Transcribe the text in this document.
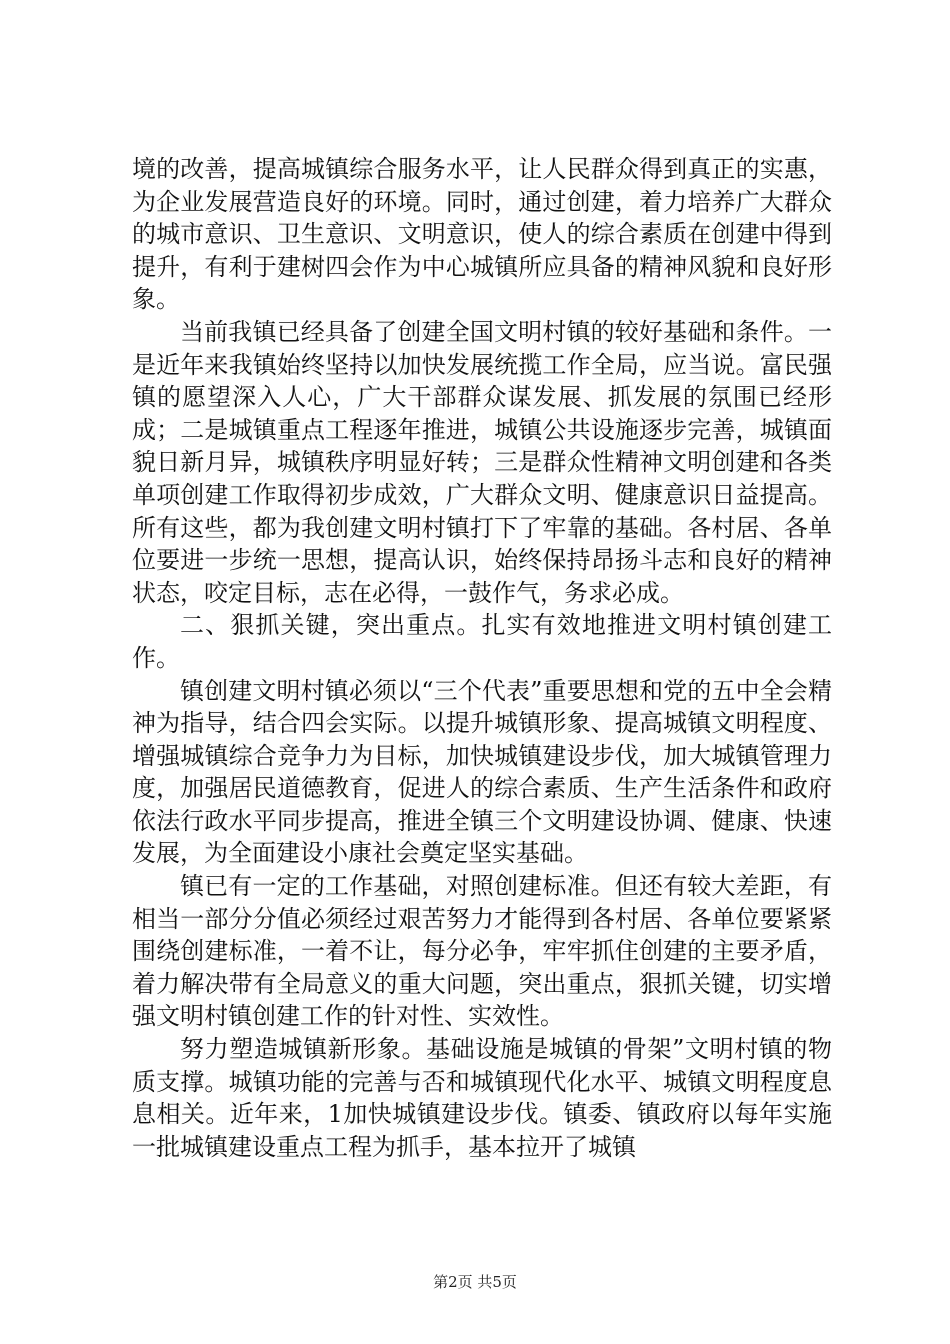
境的改善，提高城镇综合服务水平，让人民群众得到真正的实惠，为企业发展营造良好的环境。同时，通过创建，着力培养广大群众的城市意识、卫生意识、文明意识，使人的综合素质在创建中得到提升，有利于建树四会作为中心城镇所应具备的精神风貌和良好形象。

当前我镇已经具备了创建全国文明村镇的较好基础和条件。一是近年来我镇始终坚持以加快发展统揽工作全局，应当说。富民强镇的愿望深入人心，广大干部群众谋发展、抓发展的氛围已经形成；二是城镇重点工程逐年推进，城镇公共设施逐步完善，城镇面貌日新月异，城镇秩序明显好转；三是群众性精神文明创建和各类单项创建工作取得初步成效，广大群众文明、健康意识日益提高。所有这些，都为我创建文明村镇打下了牢靠的基础。各村居、各单位要进一步统一思想，提高认识，始终保持昂扬斗志和良好的精神状态，咬定目标，志在必得，一鼓作气，务求必成。

二、狠抓关键，突出重点。扎实有效地推进文明村镇创建工作。

镇创建文明村镇必须以“三个代表”重要思想和党的五中全会精神为指导，结合四会实际。以提升城镇形象、提高城镇文明程度、增强城镇综合竞争力为目标，加快城镇建设步伐，加大城镇管理力度，加强居民道德教育，促进人的综合素质、生产生活条件和政府依法行政水平同步提高，推进全镇三个文明建设协调、健康、快速发展，为全面建设小康社会奠定坚实基础。

镇已有一定的工作基础，对照创建标准。但还有较大差距，有相当一部分分值必须经过艰苦努力才能得到各村居、各单位要紧紧围绕创建标准，一着不让，每分必争，牢牢抓住创建的主要矛盾，着力解决带有全局意义的重大问题，突出重点，狠抓关键，切实增强文明村镇创建工作的针对性、实效性。

努力塑造城镇新形象。基础设施是城镇的骨架”文明村镇的物质支撑。城镇功能的完善与否和城镇现代化水平、城镇文明程度息息相关。近年来，1加快城镇建设步伐。镇委、镇政府以每年实施一批城镇建设重点工程为抓手，基本拉开了城镇

第2页 共5页
